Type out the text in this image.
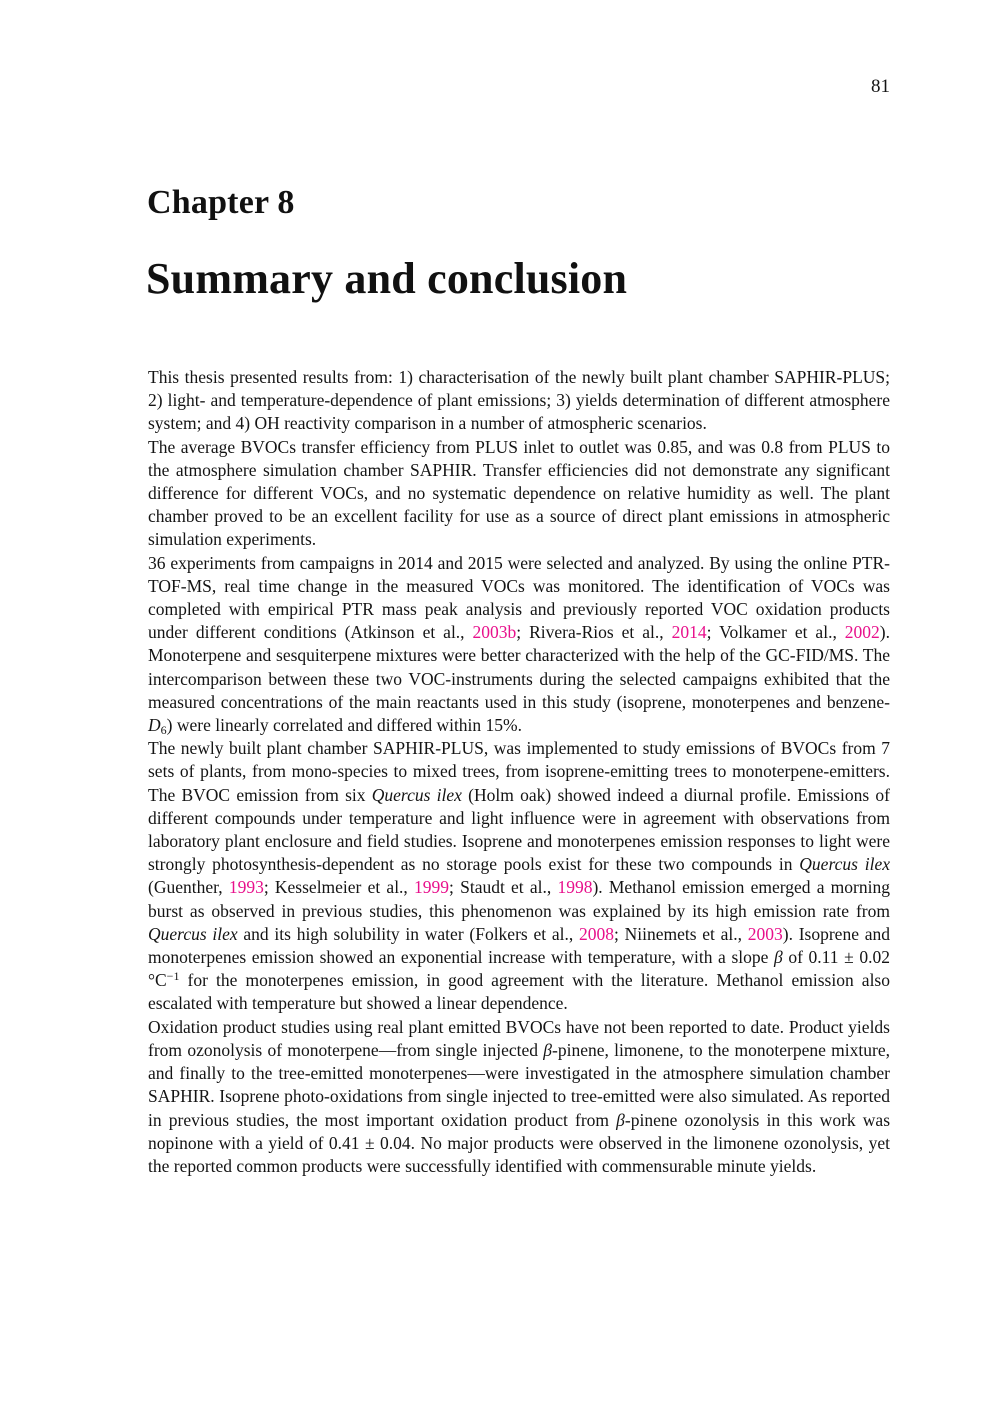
81
Chapter 8
Summary and conclusion

This thesis presented results from: 1) characterisation of the newly built plant chamber SAPHIR-PLUS; 2) light- and temperature-dependence of plant emissions; 3) yields determination of different atmosphere system; and 4) OH reactivity comparison in a number of atmospheric scenarios.

The average BVOCs transfer efficiency from PLUS inlet to outlet was 0.85, and was 0.8 from PLUS to the atmosphere simulation chamber SAPHIR. Transfer efficiencies did not demonstrate any significant difference for different VOCs, and no systematic dependence on relative humidity as well. The plant chamber proved to be an excellent facility for use as a source of direct plant emissions in atmospheric simulation experiments.

36 experiments from campaigns in 2014 and 2015 were selected and analyzed. By using the online PTR-TOF-MS, real time change in the measured VOCs was monitored. The identification of VOCs was completed with empirical PTR mass peak analysis and previously reported VOC oxidation products under different conditions (Atkinson et al., 2003b; Rivera-Rios et al., 2014; Volkamer et al., 2002). Monoterpene and sesquiterpene mixtures were better characterized with the help of the GC-FID/MS. The intercomparison between these two VOC-instruments during the selected campaigns exhibited that the measured concentrations of the main reactants used in this study (isoprene, monoterpenes and benzene-$D_6$) were linearly correlated and differed within 15%.

The newly built plant chamber SAPHIR-PLUS, was implemented to study emissions of BVOCs from 7 sets of plants, from mono-species to mixed trees, from isoprene-emitting trees to monoterpene-emitters. The BVOC emission from six Quercus ilex (Holm oak) showed indeed a diurnal profile. Emissions of different compounds under temperature and light influence were in agreement with observations from laboratory plant enclosure and field studies. Isoprene and monoterpenes emission responses to light were strongly photosynthesis-dependent as no storage pools exist for these two compounds in Quercus ilex (Guenther, 1993; Kesselmeier et al., 1999; Staudt et al., 1998). Methanol emission emerged a morning burst as observed in previous studies, this phenomenon was explained by its high emission rate from Quercus ilex and its high solubility in water (Folkers et al., 2008; Niinemets et al., 2003). Isoprene and monoterpenes emission showed an exponential increase with temperature, with a slope β of 0.11 ± 0.02 $^\circ C^{-1}$ for the monoterpenes emission, in good agreement with the literature. Methanol emission also escalated with temperature but showed a linear dependence.

Oxidation product studies using real plant emitted BVOCs have not been reported to date. Product yields from ozonolysis of monoterpene—from single injected β-pinene, limonene, to the monoterpene mixture, and finally to the tree-emitted monoterpenes—were investigated in the atmosphere simulation chamber SAPHIR. Isoprene photo-oxidations from single injected to tree-emitted were also simulated. As reported in previous studies, the most important oxidation product from β-pinene ozonolysis in this work was nopinone with a yield of 0.41 ± 0.04. No major products were observed in the limonene ozonolysis, yet the reported common products were successfully identified with commensurable minute yields.
